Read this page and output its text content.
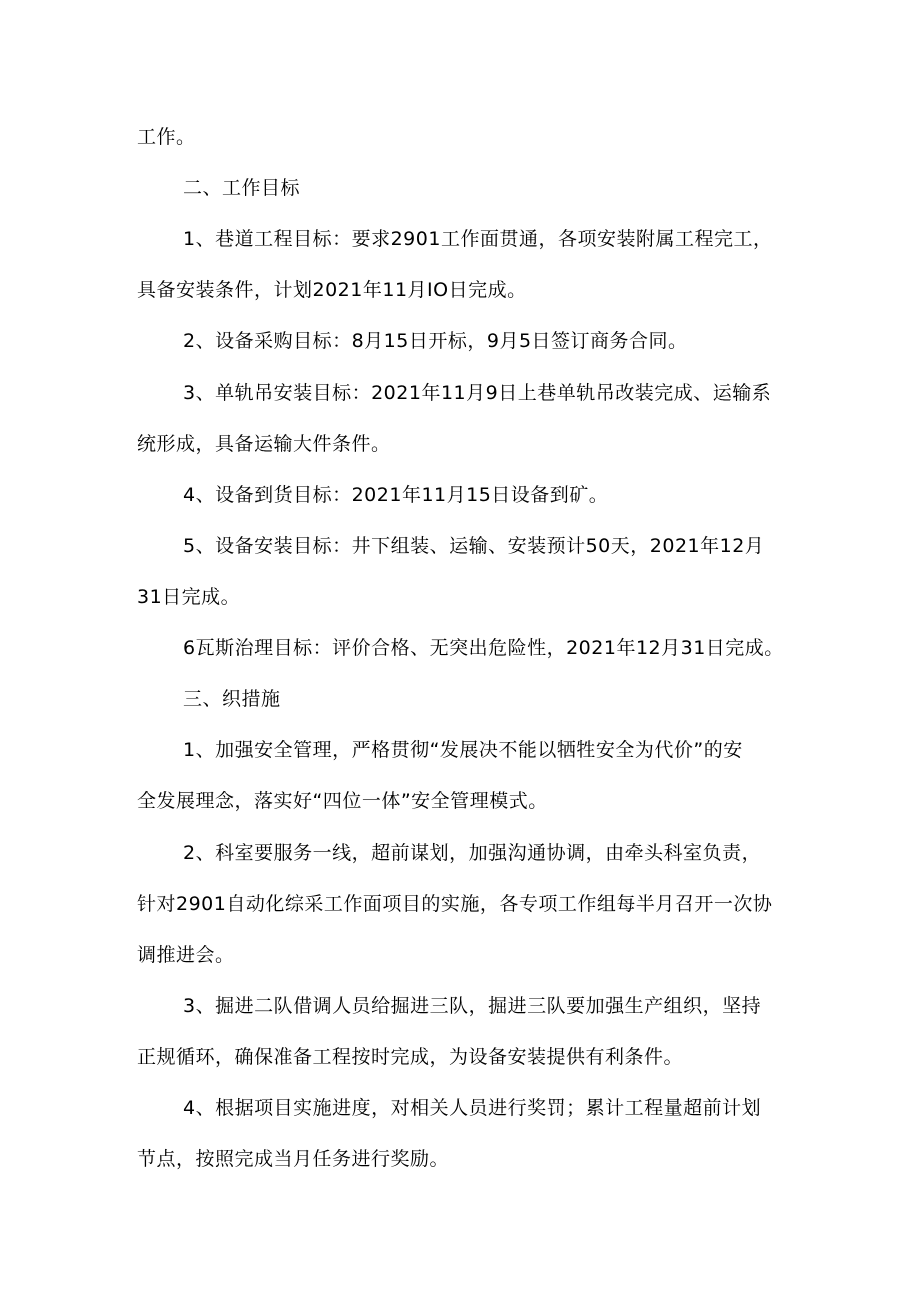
工作。
二、工作目标
1、巷道工程目标：要求2901工作面贯通，各项安装附属工程完工，
具备安装条件，计划2021年11月IO日完成。
2、设备采购目标：8月15日开标，9月5日签订商务合同。
3、单轨吊安装目标：2021年11月9日上巷单轨吊改装完成、运输系
统形成，具备运输大件条件。
4、设备到货目标：2021年11月15日设备到矿。
5、设备安装目标：井下组装、运输、安装预计50天，2021年12月
31日完成。
6瓦斯治理目标：评价合格、无突出危险性，2021年12月31日完成。
三、织措施
1、加强安全管理，严格贯彻“发展决不能以牺牲安全为代价”的安
全发展理念，落实好“四位一体”安全管理模式。
2、科室要服务一线，超前谋划，加强沟通协调，由牵头科室负责，
针对2901自动化综采工作面项目的实施，各专项工作组每半月召开一次协
调推进会。
3、掘进二队借调人员给掘进三队，掘进三队要加强生产组织，坚持
正规循环，确保准备工程按时完成，为设备安装提供有利条件。
4、根据项目实施进度，对相关人员进行奖罚；累计工程量超前计划
节点，按照完成当月任务进行奖励。
